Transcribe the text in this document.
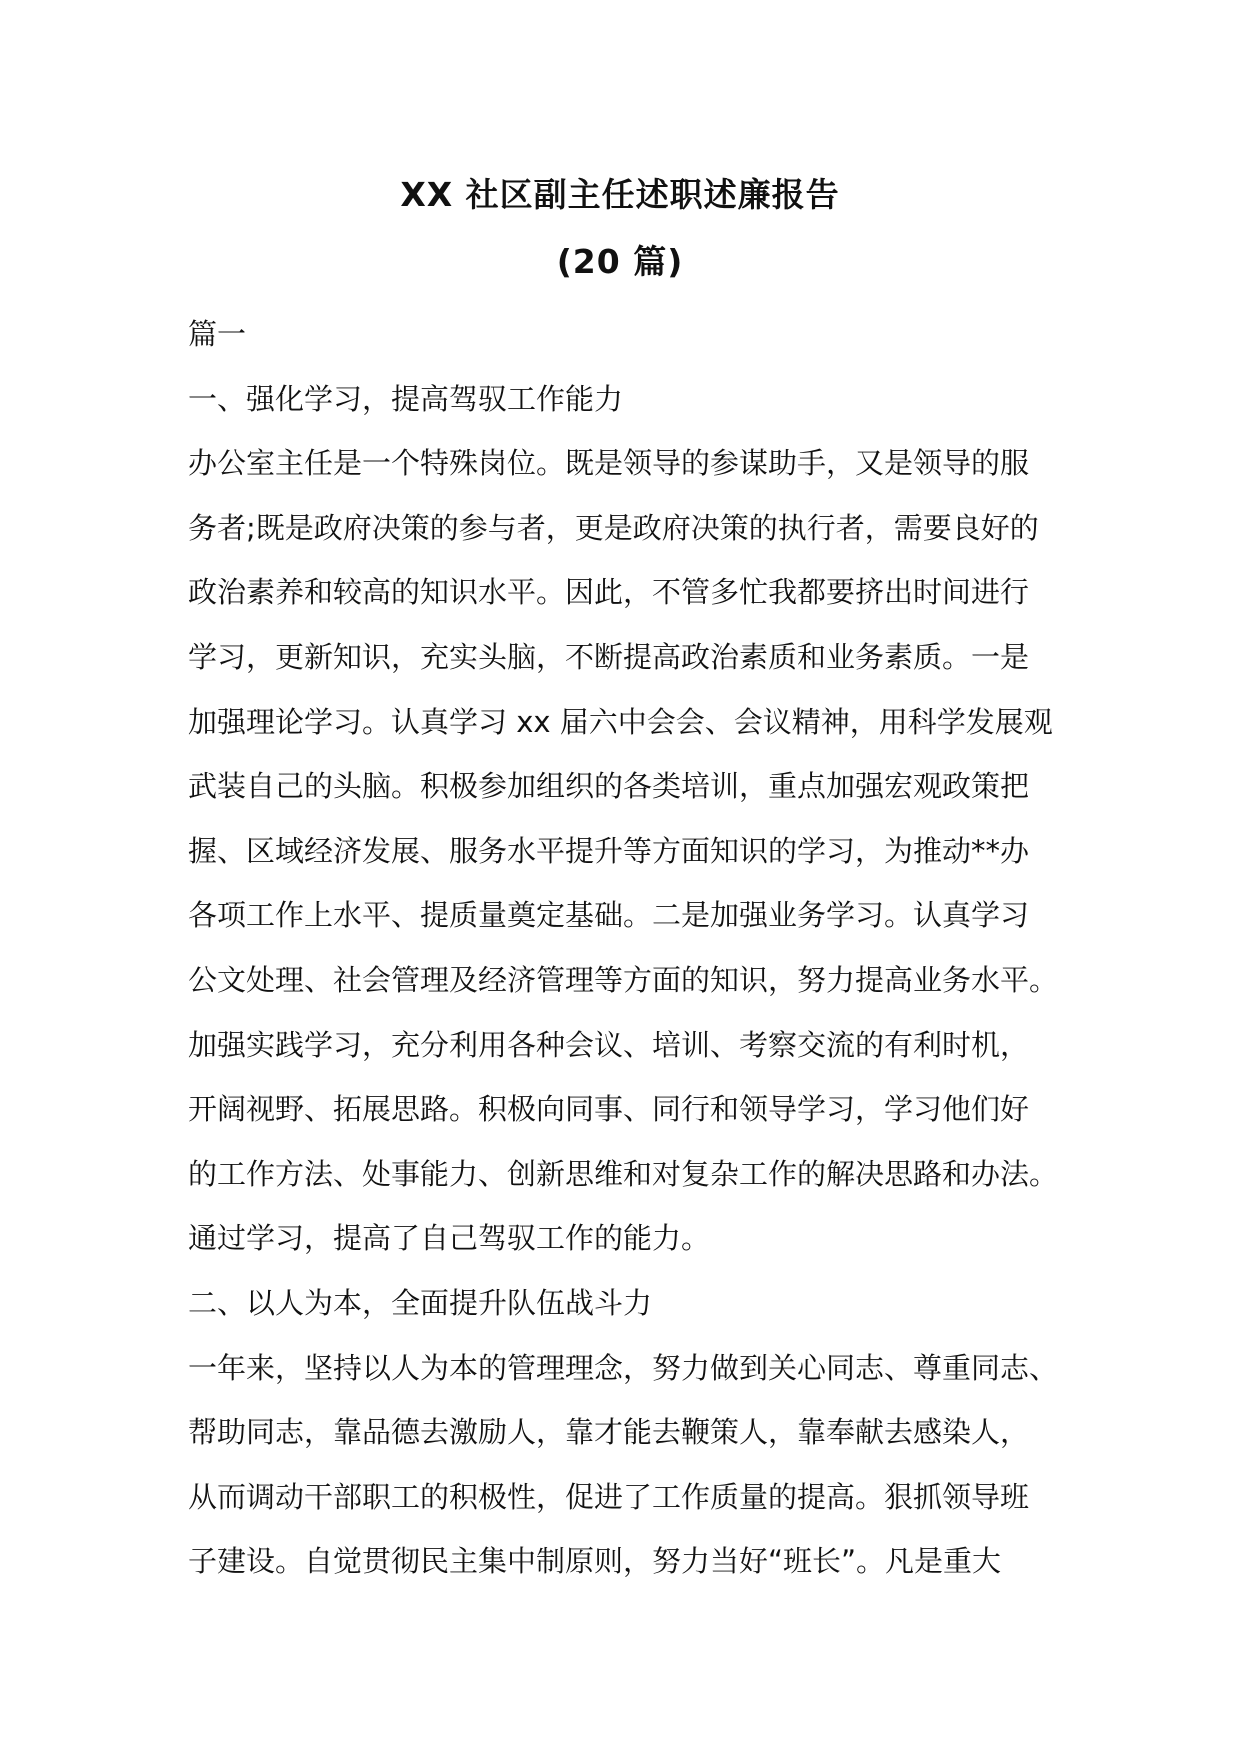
XX 社区副主任述职述廉报告
(20 篇)
篇一
一、强化学习，提高驾驭工作能力
办公室主任是一个特殊岗位。既是领导的参谋助手，又是领导的服
务者;既是政府决策的参与者，更是政府决策的执行者，需要良好的
政治素养和较高的知识水平。因此，不管多忙我都要挤出时间进行
学习，更新知识，充实头脑，不断提高政治素质和业务素质。一是
加强理论学习。认真学习 xx 届六中会会、会议精神，用科学发展观
武装自己的头脑。积极参加组织的各类培训，重点加强宏观政策把
握、区域经济发展、服务水平提升等方面知识的学习，为推动**办
各项工作上水平、提质量奠定基础。二是加强业务学习。认真学习
公文处理、社会管理及经济管理等方面的知识，努力提高业务水平。
加强实践学习，充分利用各种会议、培训、考察交流的有利时机，
开阔视野、拓展思路。积极向同事、同行和领导学习，学习他们好
的工作方法、处事能力、创新思维和对复杂工作的解决思路和办法。
通过学习，提高了自己驾驭工作的能力。
二、以人为本，全面提升队伍战斗力
一年来，坚持以人为本的管理理念，努力做到关心同志、尊重同志、
帮助同志，靠品德去激励人，靠才能去鞭策人，靠奉献去感染人，
从而调动干部职工的积极性，促进了工作质量的提高。狠抓领导班
子建设。自觉贯彻民主集中制原则，努力当好“班长”。凡是重大
